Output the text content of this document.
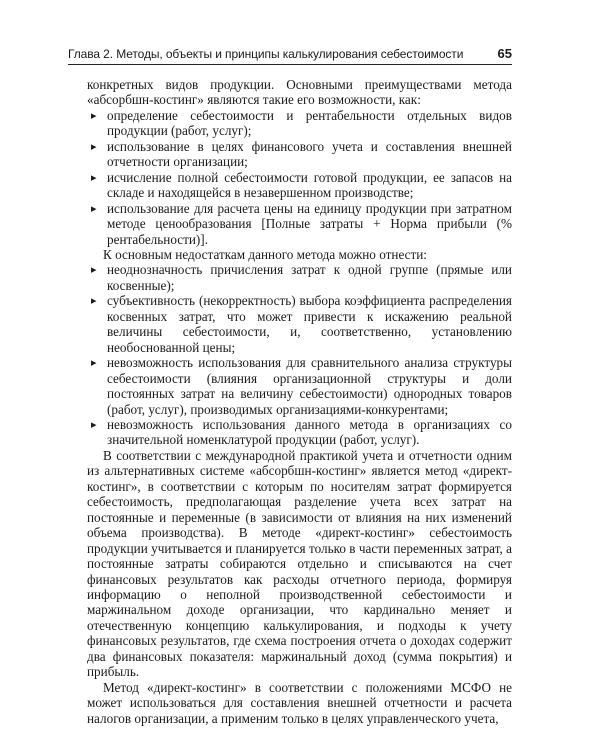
Глава 2. Методы, объекты и принципы калькулирования себестоимости	65

конкретных видов продукции. Основными преимуществами метода «абсорбшн-костинг» являются такие его возможности, как:

▸ определение себестоимости и рентабельности отдельных видов продукции (работ, услуг);
▸ использование в целях финансового учета и составления внешней отчетности организации;
▸ исчисление полной себестоимости готовой продукции, ее запасов на складе и находящейся в незавершенном производстве;
▸ использование для расчета цены на единицу продукции при затратном методе ценообразования [Полные затраты + Норма прибыли (% рентабельности)].

К основным недостаткам данного метода можно отнести:

▸ неоднозначность причисления затрат к одной группе (прямые или косвенные);
▸ субъективность (некорректность) выбора коэффициента распределения косвенных затрат, что может привести к искажению реальной величины себестоимости, и, соответственно, установлению необоснованной цены;
▸ невозможность использования для сравнительного анализа структуры себестоимости (влияния организационной структуры и доли постоянных затрат на величину себестоимости) однородных товаров (работ, услуг), производимых организациями-конкурентами;
▸ невозможность использования данного метода в организациях со значительной номенклатурой продукции (работ, услуг).

В соответствии с международной практикой учета и отчетности одним из альтернативных системе «абсорбшн-костинг» является метод «директ-костинг», в соответствии с которым по носителям затрат формируется себестоимость, предполагающая разделение учета всех затрат на постоянные и переменные (в зависимости от влияния на них изменений объема производства). В методе «директ-костинг» себестоимость продукции учитывается и планируется только в части переменных затрат, а постоянные затраты собираются отдельно и списываются на счет финансовых результатов как расходы отчетного периода, формируя информацию о неполной производственной себестоимости и маржинальном доходе организации, что кардинально меняет и отечественную концепцию калькулирования, и подходы к учету финансовых результатов, где схема построения отчета о доходах содержит два финансовых показателя: маржинальный доход (сумма покрытия) и прибыль.

Метод «директ-костинг» в соответствии с положениями МСФО не может использоваться для составления внешней отчетности и расчета налогов организации, а применим только в целях управленческого учета,
